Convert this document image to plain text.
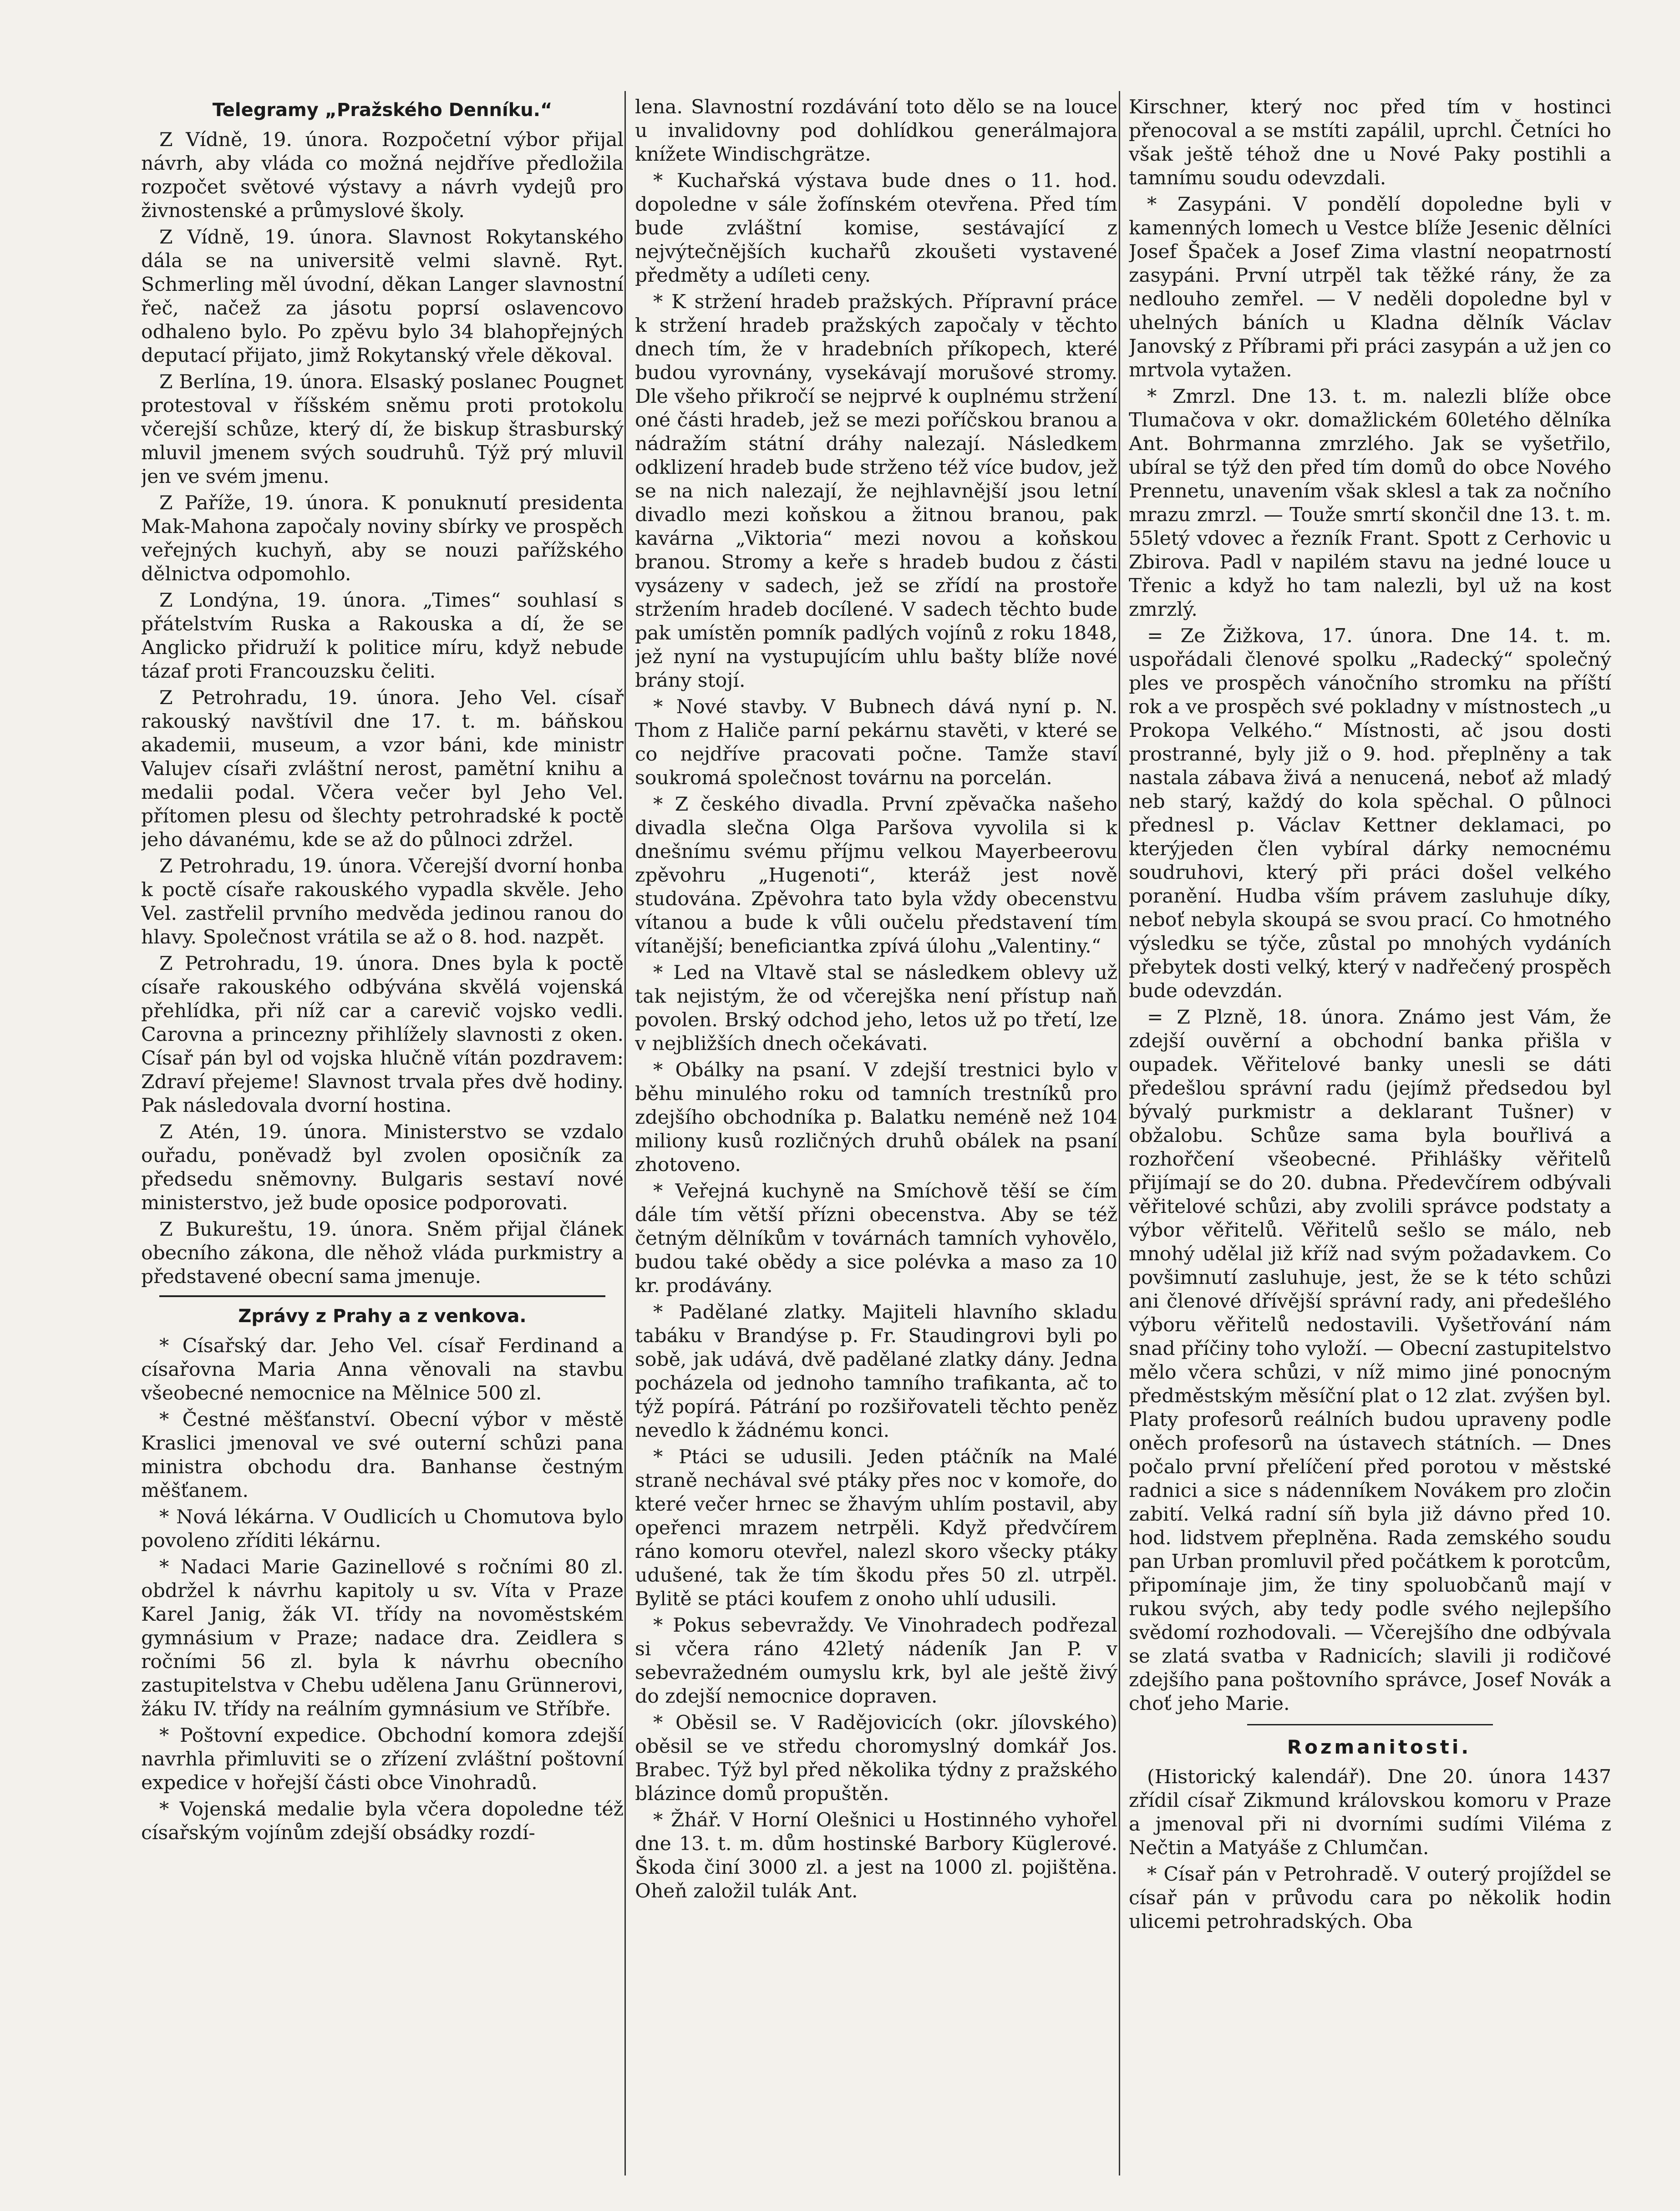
Telegramy „Pražského Denníku.“

Z Vídně, 19. února. Rozpočetní výbor přijal návrh, aby vláda co možná nejdříve předložila rozpočet světové výstavy a návrh vydejů pro živnostenské a průmyslové školy.

Z Vídně, 19. února. Slavnost Rokytanského dála se na universitě velmi slavně. Ryt. Schmerling měl úvodní, děkan Langer slavnostní řeč, načež za jásotu poprsí oslavencovo odhaleno bylo. Po zpěvu bylo 34 blahopřejných deputací přijato, jimž Rokytanský vřele děkoval.

Z Berlína, 19. února. Elsaský poslanec Pougnet protestoval v říšském sněmu proti protokolu včerejší schůze, který dí, že biskup štrasburský mluvil jmenem svých soudruhů. Týž prý mluvil jen ve svém jmenu.

Z Paříže, 19. února. K ponuknutí presidenta Mak-Mahona započaly noviny sbírky ve prospěch veřejných kuchyň, aby se nouzi pařížského dělnictva odpomohlo.

Z Londýna, 19. února. „Times“ souhlasí s přátelstvím Ruska a Rakouska a dí, že se Anglicko přidruží k politice míru, když nebude tázaf proti Francouzsku čeliti.

Z Petrohradu, 19. února. Jeho Vel. císař rakouský navštívil dne 17. t. m. báňskou akademii, museum, a vzor báni, kde ministr Valujev císaři zvláštní nerost, pamětní knihu a medalii podal. Včera večer byl Jeho Vel. přítomen plesu od šlechty petrohradské k poctě jeho dávanému, kde se až do půlnoci zdržel.

Z Petrohradu, 19. února. Včerejší dvorní honba k poctě císaře rakouského vypadla skvěle. Jeho Vel. zastřelil prvního medvěda jedinou ranou do hlavy. Společnost vrátila se až o 8. hod. nazpět.

Z Petrohradu, 19. února. Dnes byla k poctě císaře rakouského odbývána skvělá vojenská přehlídka, při níž car a carevič vojsko vedli. Carovna a princezny přihlížely slavnosti z oken. Císař pán byl od vojska hlučně vítán pozdravem: Zdraví přejeme! Slavnost trvala přes dvě hodiny. Pak následovala dvorní hostina.

Z Atén, 19. února. Ministerstvo se vzdalo ouřadu, poněvadž byl zvolen oposičník za předsedu sněmovny. Bulgaris sestaví nové ministerstvo, jež bude oposice podporovati.

Z Bukureštu, 19. února. Sněm přijal článek obecního zákona, dle něhož vláda purkmistry a představené obecní sama jmenuje.

Zprávy z Prahy a z venkova.

* Císařský dar. Jeho Vel. císař Ferdinand a císařovna Maria Anna věnovali na stavbu všeobecné nemocnice na Mělnice 500 zl.

* Čestné měšťanství. Obecní výbor v městě Kraslici jmenoval ve své outerní schůzi pana ministra obchodu dra. Banhanse čestným měšťanem.

* Nová lékárna. V Oudlicích u Chomutova bylo povoleno zříditi lékárnu.

* Nadaci Marie Gazinellové s ročními 80 zl. obdržel k návrhu kapitoly u sv. Víta v Praze Karel Janig, žák VI. třídy na novoměstském gymnásium v Praze; nadace dra. Zeidlera s ročními 56 zl. byla k návrhu obecního zastupitelstva v Chebu udělena Janu Grünnerovi, žáku IV. třídy na reálním gymnásium ve Stříbře.

* Poštovní expedice. Obchodní komora zdejší navrhla přimluviti se o zřízení zvláštní poštovní expedice v hořejší části obce Vinohradů.

* Vojenská medalie byla včera dopoledne též císařským vojínům zdejší obsádky rozdí-

lena. Slavnostní rozdávání toto dělo se na louce u invalidovny pod dohlídkou generálmajora knížete Windischgrätze.

* Kuchařská výstava bude dnes o 11. hod. dopoledne v sále žofínském otevřena. Před tím bude zvláštní komise, sestávající z nejvýtečnějších kuchařů zkoušeti vystavené předměty a udíleti ceny.

* K stržení hradeb pražských. Přípravní práce k stržení hradeb pražských započaly v těchto dnech tím, že v hradebních příkopech, které budou vyrovnány, vysekávají morušové stromy. Dle všeho přikročí se nejprvé k ouplnému stržení oné části hradeb, jež se mezi poříčskou branou a nádražím státní dráhy nalezají. Následkem odklizení hradeb bude strženo též více budov, jež se na nich nalezají, že nejhlavnější jsou letní divadlo mezi koňskou a žitnou branou, pak kavárna „Viktoria“ mezi novou a koňskou branou. Stromy a keře s hradeb budou z části vysázeny v sadech, jež se zřídí na prostoře stržením hradeb docílené. V sadech těchto bude pak umístěn pomník padlých vojínů z roku 1848, jež nyní na vystupujícím uhlu bašty blíže nové brány stojí.

* Nové stavby. V Bubnech dává nyní p. N. Thom z Haliče parní pekárnu stavěti, v které se co nejdříve pracovati počne. Tamže staví soukromá společnost továrnu na porcelán.

* Z českého divadla. První zpěvačka našeho divadla slečna Olga Paršova vyvolila si k dnešnímu svému příjmu velkou Mayerbeerovu zpěvohru „Hugenoti“, kteráž jest nově studována. Zpěvohra tato byla vždy obecenstvu vítanou a bude k vůli oučelu představení tím vítanější; beneficiantka zpívá úlohu „Valentiny.“

* Led na Vltavě stal se následkem oblevy už tak nejistým, že od včerejška není přístup naň povolen. Brský odchod jeho, letos už po třetí, lze v nejbližších dnech očekávati.

* Obálky na psaní. V zdejší trestnici bylo v běhu minulého roku od tamních trestníků pro zdejšího obchodníka p. Balatku neméně než 104 miliony kusů rozličných druhů obálek na psaní zhotoveno.

* Veřejná kuchyně na Smíchově těší se čím dále tím větší přízni obecenstva. Aby se též četným dělníkům v továrnách tamních vyhovělo, budou také obědy a sice polévka a maso za 10 kr. prodávány.

* Padělané zlatky. Majiteli hlavního skladu tabáku v Brandýse p. Fr. Staudingrovi byli po sobě, jak udává, dvě padělané zlatky dány. Jedna pocházela od jednoho tamního trafikanta, ač to týž popírá. Pátrání po rozšiřovateli těchto peněz nevedlo k žádnému konci.

* Ptáci se udusili. Jeden ptáčník na Malé straně nechával své ptáky přes noc v komoře, do které večer hrnec se žhavým uhlím postavil, aby opeřenci mrazem netrpěli. Když předvčírem ráno komoru otevřel, nalezl skoro všecky ptáky udušené, tak že tím škodu přes 50 zl. utrpěl. Bylitě se ptáci koufem z onoho uhlí udusili.

* Pokus sebevraždy. Ve Vinohradech podřezal si včera ráno 42letý nádeník Jan P. v sebevražedném oumyslu krk, byl ale ještě živý do zdejší nemocnice dopraven.

* Oběsil se. V Radějovicích (okr. jílovského) oběsil se ve středu choromyslný domkář Jos. Brabec. Týž byl před několika týdny z pražského blázince domů propuštěn.

* Žhář. V Horní Olešnici u Hostinného vyhořel dne 13. t. m. dům hostinské Barbory Küglerové. Škoda činí 3000 zl. a jest na 1000 zl. pojištěna. Oheň založil tulák Ant.

Kirschner, který noc před tím v hostinci přenocoval a se mstíti zapálil, uprchl. Četníci ho však ještě téhož dne u Nové Paky postihli a tamnímu soudu odevzdali.

* Zasypáni. V pondělí dopoledne byli v kamenných lomech u Vestce blíže Jesenic dělníci Josef Špaček a Josef Zima vlastní neopatrností zasypáni. První utrpěl tak těžké rány, že za nedlouho zemřel. — V neděli dopoledne byl v uhelných báních u Kladna dělník Václav Janovský z Příbrami při práci zasypán a už jen co mrtvola vytažen.

* Zmrzl. Dne 13. t. m. nalezli blíže obce Tlumačova v okr. domažlickém 60letého dělníka Ant. Bohrmanna zmrzlého. Jak se vyšetřilo, ubíral se týž den před tím domů do obce Nového Prennetu, unavením však sklesl a tak za nočního mrazu zmrzl. — Touže smrtí skončil dne 13. t. m. 55letý vdovec a řezník Frant. Spott z Cerhovic u Zbirova. Padl v napilém stavu na jedné louce u Třenic a když ho tam nalezli, byl už na kost zmrzlý.

= Ze Žižkova, 17. února. Dne 14. t. m. uspořádali členové spolku „Radecký“ společný ples ve prospěch vánočního stromku na příští rok a ve prospěch své pokladny v místnostech „u Prokopa Velkého.“ Místnosti, ač jsou dosti prostranné, byly již o 9. hod. přeplněny a tak nastala zábava živá a nenucená, neboť až mladý neb starý, každý do kola spěchal. O půlnoci přednesl p. Václav Kettner deklamaci, po kterýjeden člen vybíral dárky nemocnému soudruhovi, který při práci došel velkého poranění. Hudba vším právem zasluhuje díky, neboť nebyla skoupá se svou prací. Co hmotného výsledku se týče, zůstal po mnohých vydáních přebytek dosti velký, který v nadřečený prospěch bude odevzdán.

= Z Plzně, 18. února. Známo jest Vám, že zdejší ouvěrní a obchodní banka přišla v oupadek. Věřitelové banky unesli se dáti předešlou správní radu (jejímž předsedou byl bývalý purkmistr a deklarant Tušner) v obžalobu. Schůze sama byla bouřlivá a rozhořčení všeobecné. Přihlášky věřitelů přijímají se do 20. dubna. Předevčírem odbývali věřitelové schůzi, aby zvolili správce podstaty a výbor věřitelů. Věřitelů sešlo se málo, neb mnohý udělal již kříž nad svým požadavkem. Co povšimnutí zasluhuje, jest, že se k této schůzi ani členové dřívější správní rady, ani předešlého výboru věřitelů nedostavili. Vyšetřování nám snad příčiny toho vyloží. — Obecní zastupitelstvo mělo včera schůzi, v níž mimo jiné ponocným předměstským měsíční plat o 12 zlat. zvýšen byl. Platy profesorů reálních budou upraveny podle oněch profesorů na ústavech státních. — Dnes počalo první přelíčení před porotou v městské radnici a sice s nádenníkem Novákem pro zločin zabití. Velká radní síň byla již dávno před 10. hod. lidstvem přeplněna. Rada zemského soudu pan Urban promluvil před počátkem k porotcům, připomínaje jim, že tiny spoluobčanů mají v rukou svých, aby tedy podle svého nejlepšího svědomí rozhodovali. — Včerejšího dne odbývala se zlatá svatba v Radnicích; slavili ji rodičové zdejšího pana poštovního správce, Josef Novák a choť jeho Marie.

Rozmanitosti.

(Historický kalendář). Dne 20. února 1437 zřídil císař Zikmund královskou komoru v Praze a jmenoval při ni dvorními sudími Viléma z Nečtin a Matyáše z Chlumčan.

* Císař pán v Petrohradě. V outerý projíždel se císař pán v průvodu cara po několik hodin ulicemi petrohradských. Oba
